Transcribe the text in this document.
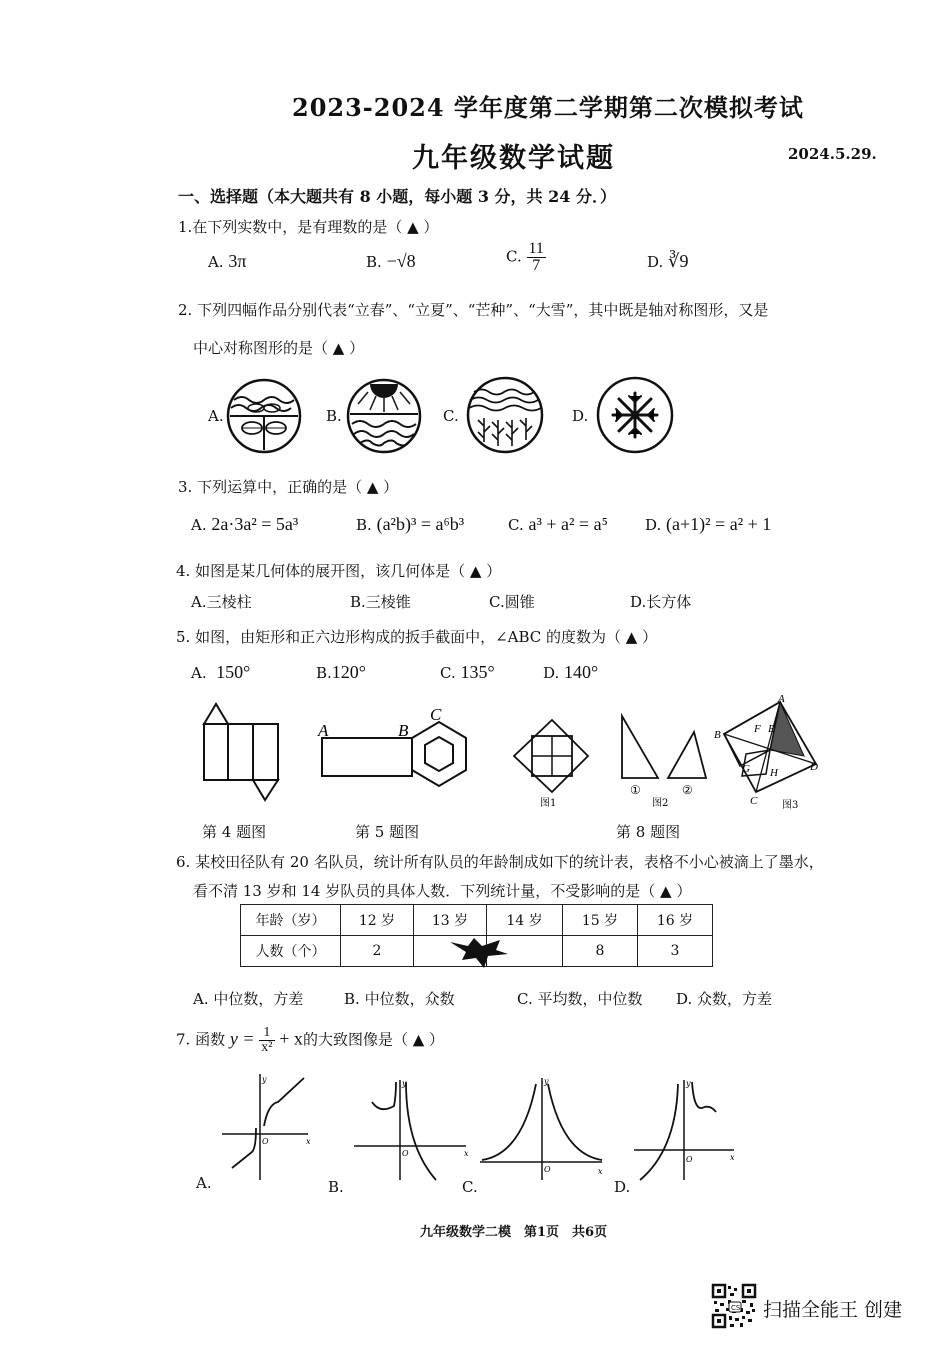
2023-2024 学年度第二学期第二次模拟考试
九年级数学试题	2024.5.29.
一、选择题（本大题共有 8 小题，每小题 3 分，共 24 分．）
1.在下列实数中，是有理数的是（ ▲ ）
A. 3π	B. −√8	C. $\frac{11}{7}$	D. ∛9
2. 下列四幅作品分别代表“立春”、“立夏”、“芒种”、“大雪”，其中既是轴对称图形，又是
中心对称图形的是（ ▲ ）
A.	B.	C.	D.
3. 下列运算中，正确的是（ ▲ ）
A. 2a·3a² = 5a³	B. (a²b)³ = a⁶b³	C. a³ + a² = a⁵ D. (a+1)² = a² + 1
4. 如图是某几何体的展开图，该几何体是（ ▲ ）
A.三棱柱	B.三棱锥	C.圆锥	D.长方体
5. 如图，由矩形和正六边形构成的扳手截面中，∠ABC 的度数为（ ▲ ）
A. 150°	B.120°	C. 135°	D. 140°
A	B
C
图1
①	②
图2
A
B
C
D
E
F
G H
图3
第 4 题图	第 5 题图	第 8 题图
6. 某校田径队有 20 名队员，统计所有队员的年龄制成如下的统计表，表格不小心被滴上了墨水，
看不清 13 岁和 14 岁队员的具体人数．下列统计量，不受影响的是（ ▲ ）
年龄（岁）	12 岁	13 岁	14 岁	15 岁	16 岁
人数（个）	2			8	3
A. 中位数，方差	B. 中位数，众数	C. 平均数，中位数 D. 众数，方差
7. 函数 $y = \frac{1}{\text{x²}} + x$的大致图像是（ ▲ ）
x
y
O
A.
x
y
O
B.
x
y
O
C.
x
y
O
D.
九年级数学二模　第1页　共6页
CS 扫描全能王 创建
